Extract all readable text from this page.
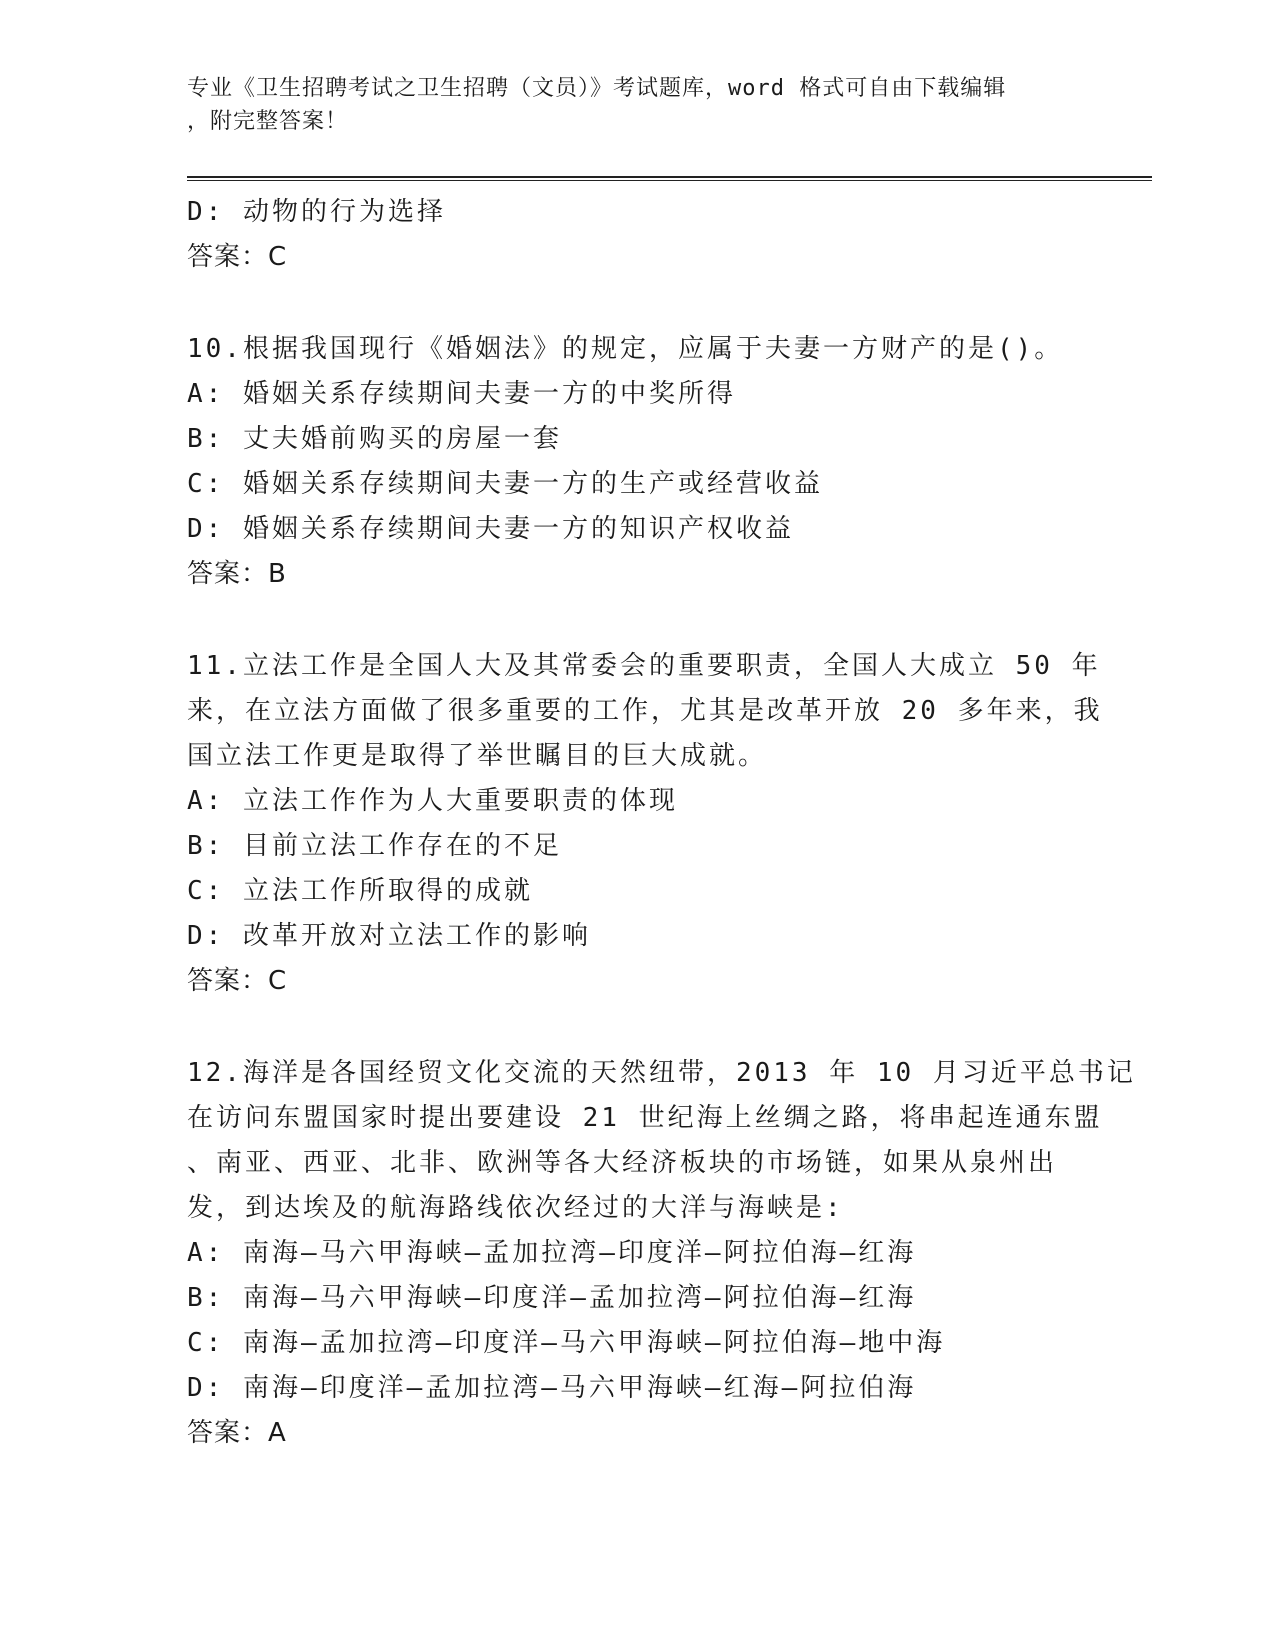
专业《卫生招聘考试之卫生招聘（文员）》考试题库，word 格式可自由下载编辑
，附完整答案！
D: 动物的行为选择
答案：C
10.根据我国现行《婚姻法》的规定，应属于夫妻一方财产的是()。
A: 婚姻关系存续期间夫妻一方的中奖所得
B: 丈夫婚前购买的房屋一套
C: 婚姻关系存续期间夫妻一方的生产或经营收益
D: 婚姻关系存续期间夫妻一方的知识产权收益
答案：B
11.立法工作是全国人大及其常委会的重要职责，全国人大成立 50 年
来，在立法方面做了很多重要的工作，尤其是改革开放 20 多年来，我
国立法工作更是取得了举世瞩目的巨大成就。
A: 立法工作作为人大重要职责的体现
B: 目前立法工作存在的不足
C: 立法工作所取得的成就
D: 改革开放对立法工作的影响
答案：C
12.海洋是各国经贸文化交流的天然纽带，2013 年 10 月习近平总书记
在访问东盟国家时提出要建设 21 世纪海上丝绸之路，将串起连通东盟
、南亚、西亚、北非、欧洲等各大经济板块的市场链，如果从泉州出
发，到达埃及的航海路线依次经过的大洋与海峡是:
A: 南海—马六甲海峡—孟加拉湾—印度洋—阿拉伯海—红海
B: 南海—马六甲海峡—印度洋—孟加拉湾—阿拉伯海—红海
C: 南海—孟加拉湾—印度洋—马六甲海峡—阿拉伯海—地中海
D: 南海—印度洋—孟加拉湾—马六甲海峡—红海—阿拉伯海
答案：A
